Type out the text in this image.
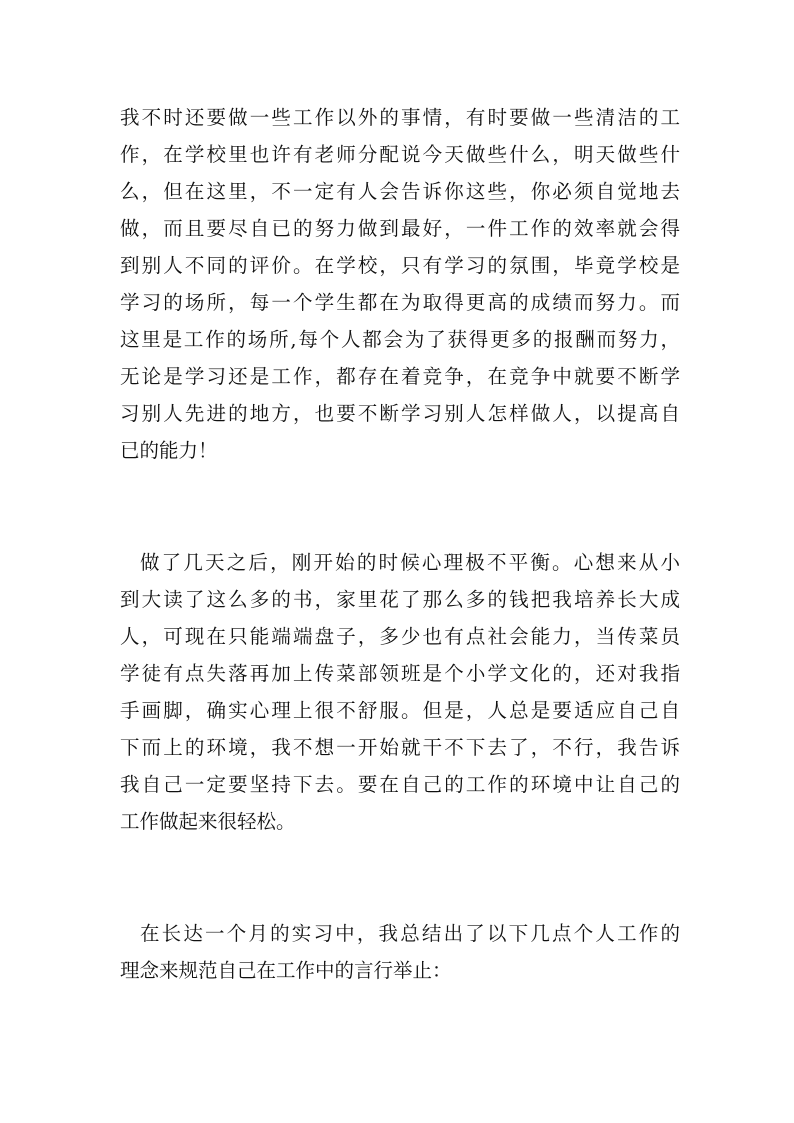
我不时还要做一些工作以外的事情，有时要做一些清洁的工
作，在学校里也许有老师分配说今天做些什么，明天做些什
么，但在这里，不一定有人会告诉你这些，你必须自觉地去
做，而且要尽自已的努力做到最好，一件工作的效率就会得
到别人不同的评价。在学校，只有学习的氛围，毕竟学校是
学习的场所，每一个学生都在为取得更高的成绩而努力。而
这里是工作的场所,每个人都会为了获得更多的报酬而努力，
无论是学习还是工作，都存在着竞争，在竞争中就要不断学
习别人先进的地方，也要不断学习别人怎样做人，以提高自
已的能力！
做了几天之后，刚开始的时候心理极不平衡。心想来从小
到大读了这么多的书，家里花了那么多的钱把我培养长大成
人，可现在只能端端盘子，多少也有点社会能力，当传菜员
学徒有点失落再加上传菜部领班是个小学文化的，还对我指
手画脚，确实心理上很不舒服。但是，人总是要适应自己自
下而上的环境，我不想一开始就干不下去了，不行，我告诉
我自己一定要坚持下去。要在自己的工作的环境中让自己的
工作做起来很轻松。
在长达一个月的实习中，我总结出了以下几点个人工作的
理念来规范自己在工作中的言行举止：
